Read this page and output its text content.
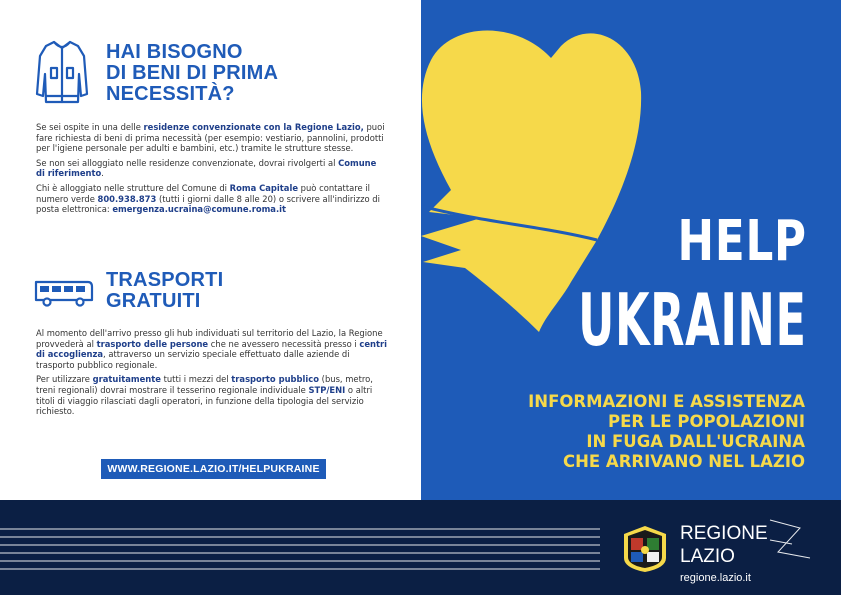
HAI BISOGNO
DI BENI DI PRIMA
NECESSITÀ?

Se sei ospite in una delle residenze convenzionate con la Regione Lazio, puoi fare richiesta di beni di prima necessità (per esempio: vestiario, pannolini, prodotti per l'igiene personale per adulti e bambini, etc.) tramite le strutture stesse.

Se non sei alloggiato nelle residenze convenzionate, dovrai rivolgerti al Comune di riferimento.

Chi è alloggiato nelle strutture del Comune di Roma Capitale può contattare il numero verde 800.938.873 (tutti i giorni dalle 8 alle 20) o scrivere all'indirizzo di posta elettronica: emergenza.ucraina@comune.roma.it

TRASPORTI
GRATUITI

Al momento dell'arrivo presso gli hub individuati sul territorio del Lazio, la Regione provvederà al trasporto delle persone che ne avessero necessità presso i centri di accoglienza, attraverso un servizio speciale effettuato dalle aziende di trasporto pubblico regionale.

Per utilizzare gratuitamente tutti i mezzi del trasporto pubblico (bus, metro, treni regionali) dovrai mostrare il tesserino regionale individuale STP/ENI o altri titoli di viaggio rilasciati dagli operatori, in funzione della tipologia del servizio richiesto.

WWW.REGIONE.LAZIO.IT/HELPUKRAINE
HELP
UKRAINE
INFORMAZIONI E ASSISTENZA
PER LE POPOLAZIONI
IN FUGA DALL'UCRAINA
CHE ARRIVANO NEL LAZIO
REGIONE
LAZIO
regione.lazio.it
